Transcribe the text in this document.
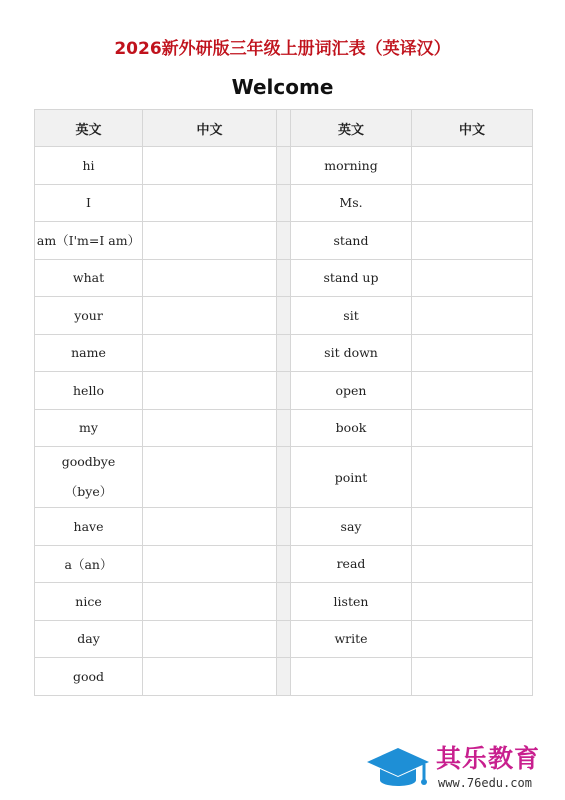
2026新外研版三年级上册词汇表（英译汉）
Welcome
英文	中文		英文	中文
hi			morning	
I			Ms.	
am（I'm=I am）			stand	
what			stand up	
your			sit	
name			sit down	
hello			open	
my			book	

goodbye
（bye）			point	
have			say	
a（an）			read	
nice			listen	
day			write	
good				
其乐教育
www.76edu.com
